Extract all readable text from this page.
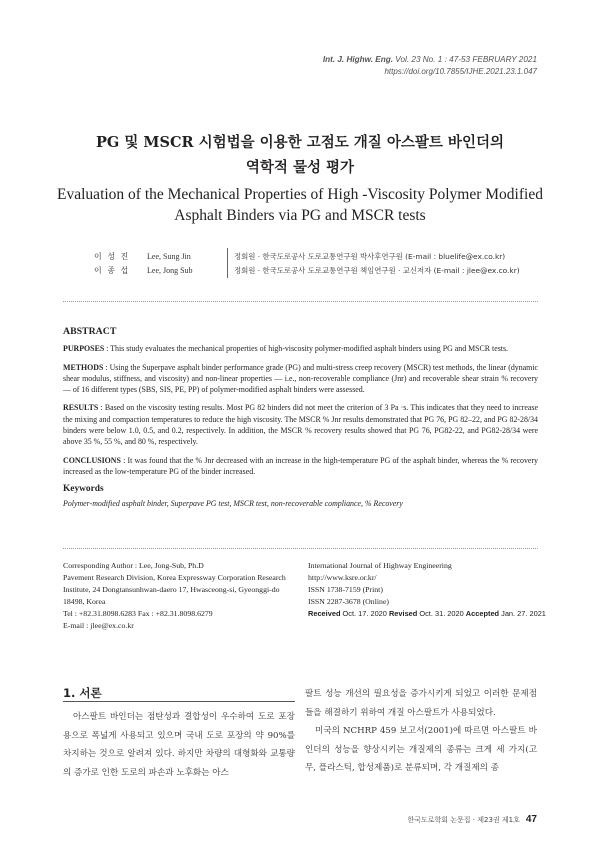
Int. J. Highw. Eng. Vol. 23 No. 1 : 47-53 FEBRUARY 2021
https://doi.org/10.7855/IJHE.2021.23.1.047
PG 및 MSCR 시험법을 이용한 고점도 개질 아스팔트 바인더의
역학적 물성 평가
Evaluation of the Mechanical Properties of High -Viscosity Polymer Modified
Asphalt Binders via PG and MSCR tests
이 성 진	Lee, Sung Jin	정회원 · 한국도로공사 도로교통연구원 박사후연구원 (E-mail : bluelife@ex.co.kr)
이 종 섭	Lee, Jong Sub	정회원 · 한국도로공사 도로교통연구원 책임연구원 · 교신저자 (E-mail : jlee@ex.co.kr)
ABSTRACT

PURPOSES : This study evaluates the mechanical properties of high-viscosity polymer-modified asphalt binders using PG and MSCR tests.

METHODS : Using the Superpave asphalt binder performance grade (PG) and multi-stress creep recovery (MSCR) test methods, the linear (dynamic shear modulus, stiffness, and viscosity) and non-linear properties — i.e., non-recoverable compliance (Jnr) and recoverable shear strain % recovery — of 16 different types (SBS, SIS, PE, PP) of polymer-modified asphalt binders were assessed.

RESULTS : Based on the viscosity testing results. Most PG 82 binders did not meet the criterion of 3 Pa ·s. This indicates that they need to increase the mixing and compaction temperatures to reduce the high viscosity. The MSCR % Jnr results demonstrated that PG 76, PG 82–22, and PG 82-28/34 binders were below 1.0, 0.5, and 0.2, respectively. In addition, the MSCR % recovery results showed that PG 76, PG82-22, and PG82-28/34 were above 35 %, 55 %, and 80 %, respectively.

CONCLUSIONS : It was found that the % Jnr decreased with an increase in the high-temperature PG of the asphalt binder, whereas the % recovery increased as the low-temperature PG of the binder increased.

Keywords

Polymer-modified asphalt binder, Superpave PG test, MSCR test, non-recoverable compliance, % Recovery

Corresponding Author : Lee, Jong-Sub, Ph.D
Pavement Research Division, Korea Expressway Corporation Research
Institute, 24 Dongtansunhwan-daero 17, Hwasceong-si, Gyeonggi-do
18498, Korea
Tel : +82.31.8098.6283 Fax : +82.31.8098.6279
E-mail : jlee@ex.co.kr
International Journal of Highway Engineering
http://www.ksre.or.kr/
ISSN 1738-7159 (Print)
ISSN 2287-3678 (Online)
Received Oct. 17. 2020 Revised Oct. 31. 2020 Accepted Jan. 27. 2021
1. 서론
아스팔트 바인더는 점탄성과 결합성이 우수하여 도로 포장용으로 폭넓게 사용되고 있으며 국내 도로 포장의 약 90%를 차지하는 것으로 알려져 있다. 하지만 차량의 대형화와 교통량의 증가로 인한 도로의 파손과 노후화는 아스

팔트 성능 개선의 필요성을 증가시키게 되었고 이러한 문제점들을 해결하기 위하여 개질 아스팔트가 사용되었다.

미국의 NCHRP 459 보고서(2001)에 따르면 아스팔트 바인더의 성능을 향상시키는 개질제의 종류는 크게 세 가지(고무, 플라스틱, 합성제품)로 분류되며, 각 개질제의 종

한국도로학회 논문집 · 제23권 제1호 47
